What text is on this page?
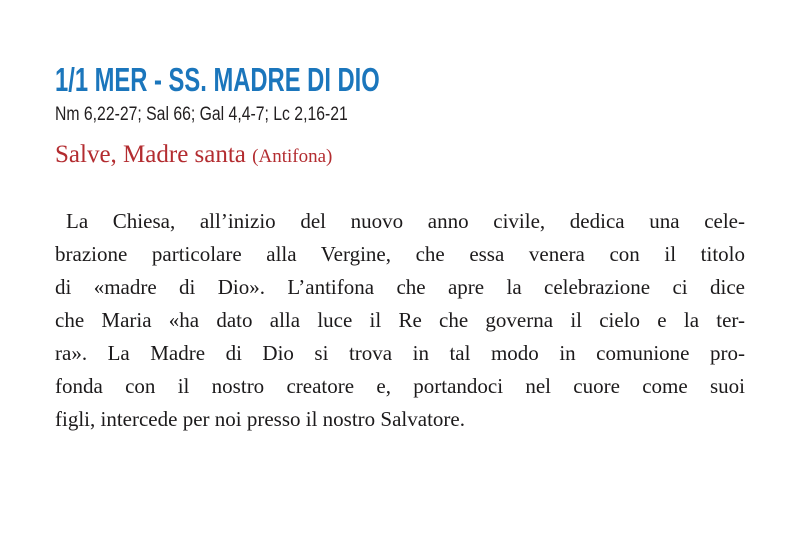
1/1 MER - SS. MADRE DI DIO
Nm 6,22-27; Sal 66; Gal 4,4-7; Lc 2,16-21
Salve, Madre santa (Antifona)
La Chiesa, all’inizio del nuovo anno civile, dedica una cele-
brazione particolare alla Vergine, che essa venera con il titolo
di «madre di Dio». L’antifona che apre la celebrazione ci dice
che Maria «ha dato alla luce il Re che governa il cielo e la ter-
ra». La Madre di Dio si trova in tal modo in comunione pro-
fonda con il nostro creatore e, portandoci nel cuore come suoi
figli, intercede per noi presso il nostro Salvatore.
